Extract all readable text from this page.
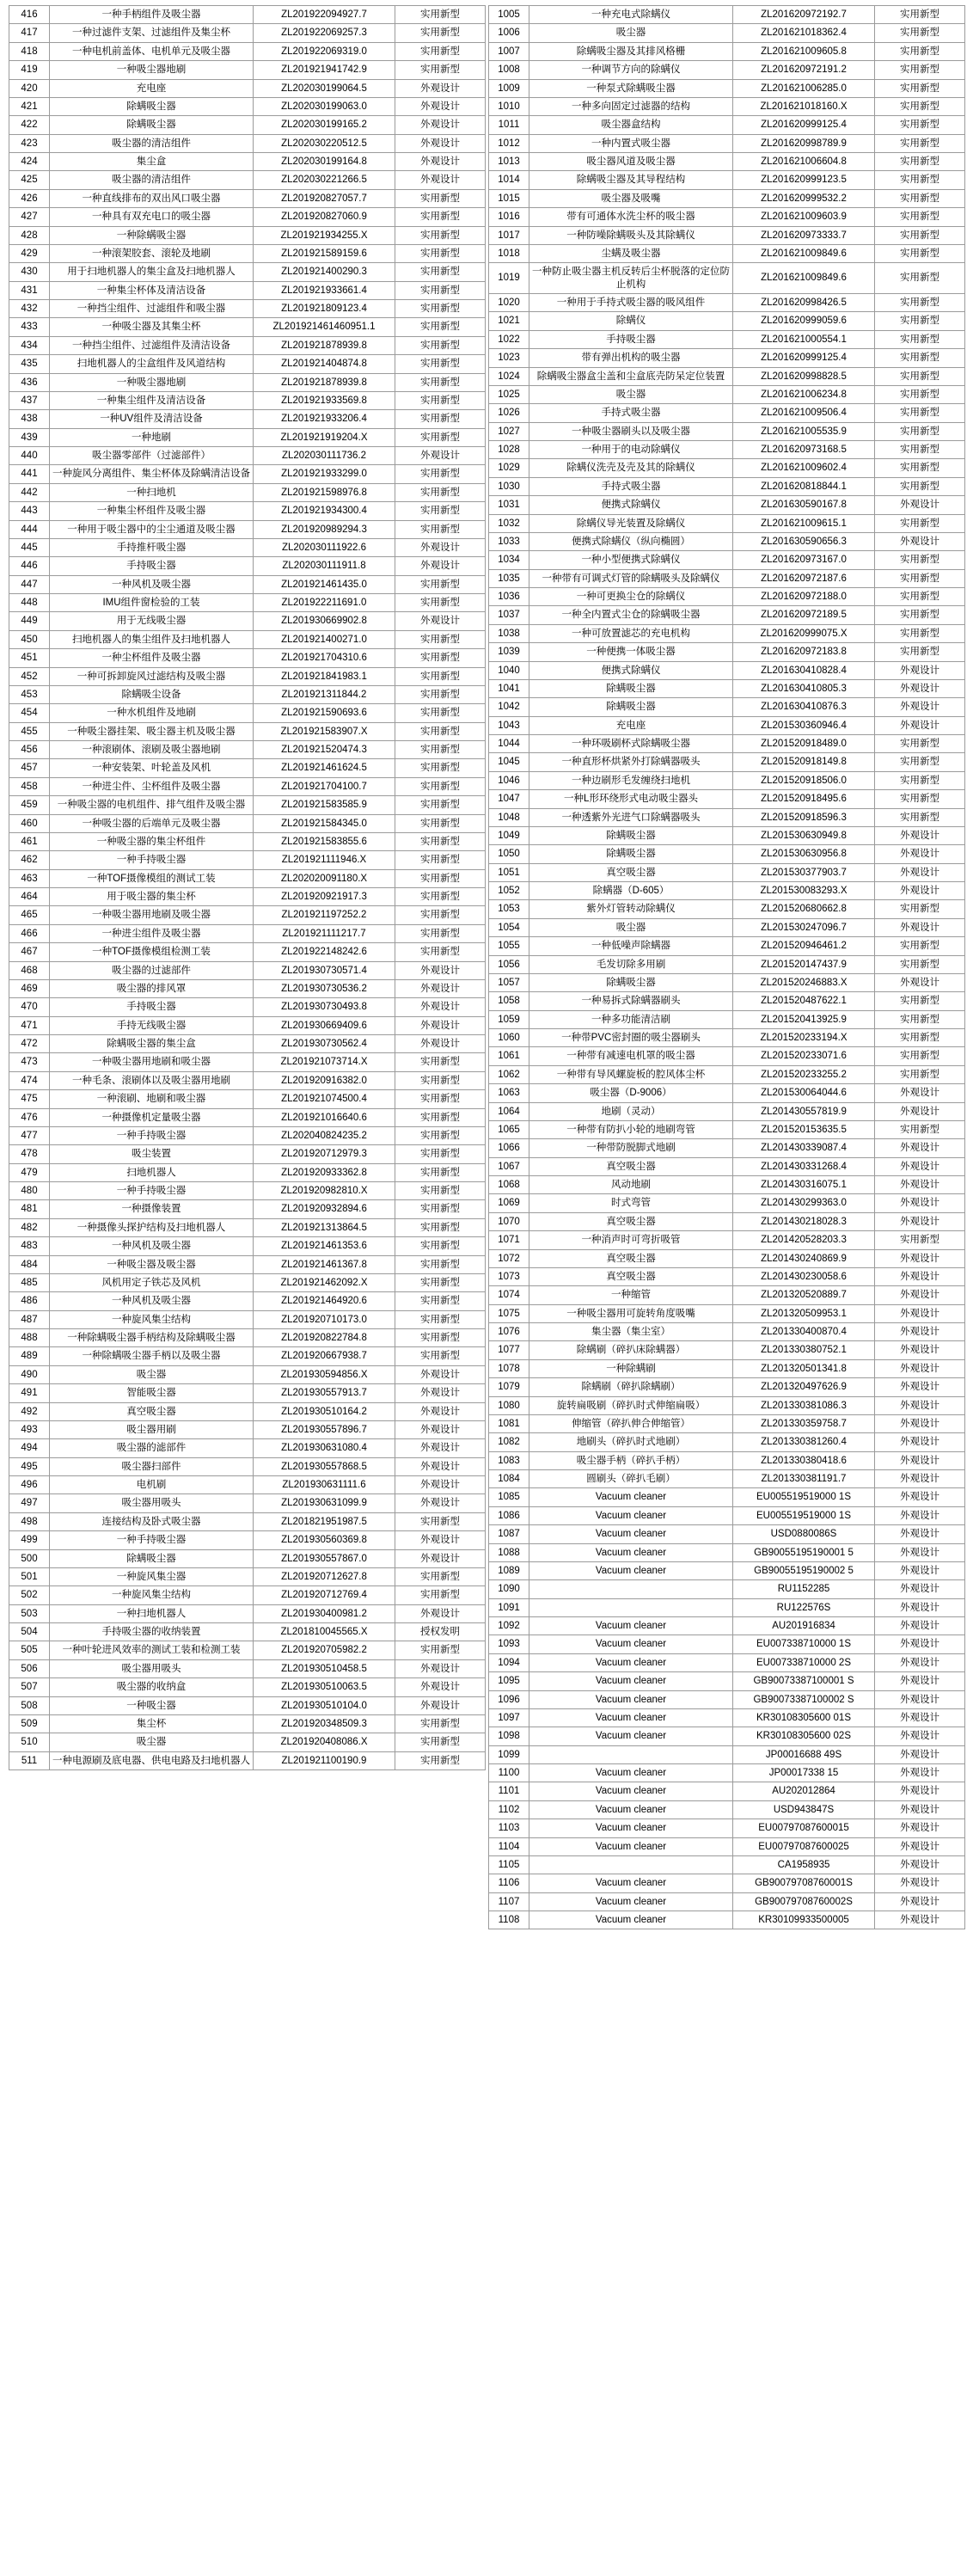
416	一种手柄组件及吸尘器	ZL201922094927.7	实用新型
417	一种过滤件支架、过滤组件及集尘杯	ZL201922069257.3	实用新型
418	一种电机前盖体、电机单元及吸尘器	ZL201922069319.0	实用新型
419	一种吸尘器地刷	ZL201921941742.9	实用新型
420	充电座	ZL202030199064.5	外观设计
421	除螨吸尘器	ZL202030199063.0	外观设计
422	除螨吸尘器	ZL202030199165.2	外观设计
423	吸尘器的清洁组件	ZL202030220512.5	外观设计
424	集尘盒	ZL202030199164.8	外观设计
425	吸尘器的清洁组件	ZL202030221266.5	外观设计
426	一种直线排布的双出风口吸尘器	ZL201920827057.7	实用新型
427	一种具有双充电口的吸尘器	ZL201920827060.9	实用新型
428	一种除螨吸尘器	ZL201921934255.X	实用新型
429	一种滚架胶套、滚轮及地刷	ZL201921589159.6	实用新型
430	用于扫地机器人的集尘盒及扫地机器人	ZL201921400290.3	实用新型
431	一种集尘杯体及清洁设备	ZL201921933661.4	实用新型
432	一种挡尘组件、过滤组件和吸尘器	ZL201921809123.4	实用新型
433	一种吸尘器及其集尘杯	ZL201921461460951.1	实用新型
434	一种挡尘组件、过滤组件及清洁设备	ZL201921878939.8	实用新型
435	扫地机器人的尘盒组件及风道结构	ZL201921404874.8	实用新型
436	一种吸尘器地刷	ZL201921878939.8	实用新型
437	一种集尘组件及清洁设备	ZL201921933569.8	实用新型
438	一种UV组件及清洁设备	ZL201921933206.4	实用新型
439	一种地刷	ZL201921919204.X	实用新型
440	吸尘器零部件（过滤部件）	ZL202030111736.2	外观设计
441	一种旋风分离组件、集尘杯体及除螨清洁设备	ZL201921933299.0	实用新型
442	一种扫地机	ZL201921598976.8	实用新型
443	一种集尘杯组件及吸尘器	ZL201921934300.4	实用新型
444	一种用于吸尘器中的尘尘通道及吸尘器	ZL201920989294.3	实用新型
445	手持推杆吸尘器	ZL202030111922.6	外观设计
446	手持吸尘器	ZL202030111911.8	外观设计
447	一种风机及吸尘器	ZL201921461435.0	实用新型
448	IMU组件窗检验的工装	ZL201922211691.0	实用新型
449	用于无线吸尘器	ZL201930669902.8	外观设计
450	扫地机器人的集尘组件及扫地机器人	ZL201921400271.0	实用新型
451	一种尘杯组件及吸尘器	ZL201921704310.6	实用新型
452	一种可拆卸旋风过滤结构及吸尘器	ZL201921841983.1	实用新型
453	除螨吸尘设备	ZL201921311844.2	实用新型
454	一种水机组件及地刷	ZL201921590693.6	实用新型
455	一种吸尘器挂架、吸尘器主机及吸尘器	ZL201921583907.X	实用新型
456	一种滚刷体、滚刷及吸尘器地刷	ZL201921520474.3	实用新型
457	一种安装架、叶轮盖及风机	ZL201921461624.5	实用新型
458	一种进尘件、尘杯组件及吸尘器	ZL201921704100.7	实用新型
459	一种吸尘器的电机组件、排气组件及吸尘器	ZL201921583585.9	实用新型
460	一种吸尘器的后端单元及吸尘器	ZL201921584345.0	实用新型
461	一种吸尘器的集尘杯组件	ZL201921583855.6	实用新型
462	一种手持吸尘器	ZL201921111946.X	实用新型
463	一种TOF摄像模组的测试工装	ZL202020091180.X	实用新型
464	用于吸尘器的集尘杯	ZL201920921917.3	实用新型
465	一种吸尘器用地刷及吸尘器	ZL201921197252.2	实用新型
466	一种进尘组件及吸尘器	ZL201921111217.7	实用新型
467	一种TOF摄像模组检测工装	ZL201922148242.6	实用新型
468	吸尘器的过滤部件	ZL201930730571.4	外观设计
469	吸尘器的排风罩	ZL201930730536.2	外观设计
470	手持吸尘器	ZL201930730493.8	外观设计
471	手持无线吸尘器	ZL201930669409.6	外观设计
472	除螨吸尘器的集尘盒	ZL201930730562.4	外观设计
473	一种吸尘器用地刷和吸尘器	ZL201921073714.X	实用新型
474	一种毛条、滚刷体以及吸尘器用地刷	ZL201920916382.0	实用新型
475	一种滚刷、地刷和吸尘器	ZL201921074500.4	实用新型
476	一种摄像机定量吸尘器	ZL201921016640.6	实用新型
477	一种手持吸尘器	ZL202040824235.2	实用新型
478	吸尘装置	ZL201920712979.3	实用新型
479	扫地机器人	ZL201920933362.8	实用新型
480	一种手持吸尘器	ZL201920982810.X	实用新型
481	一种摄像装置	ZL201920932894.6	实用新型
482	一种摄像头探护结构及扫地机器人	ZL201921313864.5	实用新型
483	一种风机及吸尘器	ZL201921461353.6	实用新型
484	一种吸尘器及吸尘器	ZL201921461367.8	实用新型
485	风机用定子铁芯及风机	ZL201921462092.X	实用新型
486	一种风机及吸尘器	ZL201921464920.6	实用新型
487	一种旋风集尘结构	ZL201920710173.0	实用新型
488	一种除螨吸尘器手柄结构及除螨吸尘器	ZL201920822784.8	实用新型
489	一种除螨吸尘器手柄以及吸尘器	ZL201920667938.7	实用新型
490	吸尘器	ZL201930594856.X	外观设计
491	智能吸尘器	ZL201930557913.7	外观设计
492	真空吸尘器	ZL201930510164.2	外观设计
493	吸尘器用刷	ZL201930557896.7	外观设计
494	吸尘器的滤部件	ZL201930631080.4	外观设计
495	吸尘器扫部件	ZL201930557868.5	外观设计
496	电机刷	ZL201930631111.6	外观设计
497	吸尘器用吸头	ZL201930631099.9	外观设计
498	连接结构及卧式吸尘器	ZL201821951987.5	实用新型
499	一种手持吸尘器	ZL201930560369.8	外观设计
500	除螨吸尘器	ZL201930557867.0	外观设计
501	一种旋风集尘器	ZL201920712627.8	实用新型
502	一种旋风集尘结构	ZL201920712769.4	实用新型
503	一种扫地机器人	ZL201930400981.2	外观设计
504	手持吸尘器的收纳装置	ZL201810045565.X	授权发明
505	一种叶轮进风效率的测试工装和检测工装	ZL201920705982.2	实用新型
506	吸尘器用吸头	ZL201930510458.5	外观设计
507	吸尘器的收纳盒	ZL201930510063.5	外观设计
508	一种吸尘器	ZL201930510104.0	外观设计
509	集尘杯	ZL201920348509.3	实用新型
510	吸尘器	ZL201920408086.X	实用新型
511	一种电源刷及底电器、供电电路及扫地机器人	ZL201921100190.9	实用新型
1005	一种充电式除螨仪	ZL201620972192.7	实用新型
1006	吸尘器	ZL201621018362.4	实用新型
1007	除螨吸尘器及其排风格栅	ZL201621009605.8	实用新型
1008	一种调节方向的除螨仪	ZL201620972191.2	实用新型
1009	一种泵式除螨吸尘器	ZL201621006285.0	实用新型
1010	一种多向固定过滤器的结构	ZL201621018160.X	实用新型
1011	吸尘器盒结构	ZL201620999125.4	实用新型
1012	一种内置式吸尘器	ZL201620998789.9	实用新型
1013	吸尘器风道及吸尘器	ZL201621006604.8	实用新型
1014	除螨吸尘器及其导程结构	ZL201620999123.5	实用新型
1015	吸尘器及吸嘴	ZL201620999532.2	实用新型
1016	带有可通体水洗尘杯的吸尘器	ZL201621009603.9	实用新型
1017	一种防噪除螨吸头及其除螨仪	ZL201620973333.7	实用新型
1018	尘螨及吸尘器	ZL201621009849.6	实用新型
1019	一种防止吸尘器主机反转后尘杯脱落的定位防止机构	ZL201621009849.6	实用新型
1020	一种用于手持式吸尘器的吸风组件	ZL201620998426.5	实用新型
1021	除螨仪	ZL201620999059.6	实用新型
1022	手持吸尘器	ZL201621000554.1	实用新型
1023	带有弹出机构的吸尘器	ZL201620999125.4	实用新型
1024	除螨吸尘器盒尘盖和尘盒底壳防呆定位装置	ZL201620998828.5	实用新型
1025	吸尘器	ZL201621006234.8	实用新型
1026	手持式吸尘器	ZL201621009506.4	实用新型
1027	一种吸尘器刷头以及吸尘器	ZL201621005535.9	实用新型
1028	一种用于的电动除螨仪	ZL201620973168.5	实用新型
1029	除螨仪洗壳及壳及其的除螨仪	ZL201621009602.4	实用新型
1030	手持式吸尘器	ZL201620818844.1	实用新型
1031	便携式除螨仪	ZL201630590167.8	外观设计
1032	除螨仪导光装置及除螨仪	ZL201621009615.1	实用新型
1033	便携式除螨仪（纵向椭圆）	ZL201630590656.3	外观设计
1034	一种小型便携式除螨仪	ZL201620973167.0	实用新型
1035	一种带有可调式灯管的除螨吸头及除螨仪	ZL201620972187.6	实用新型
1036	一种可更换尘仓的除螨仪	ZL201620972188.0	实用新型
1037	一种全内置式尘仓的除螨吸尘器	ZL201620972189.5	实用新型
1038	一种可放置滤芯的充电机构	ZL201620999075.X	实用新型
1039	一种便携一体吸尘器	ZL201620972183.8	实用新型
1040	便携式除螨仪	ZL201630410828.4	外观设计
1041	除螨吸尘器	ZL201630410805.3	外观设计
1042	除螨吸尘器	ZL201630410876.3	外观设计
1043	充电座	ZL201530360946.4	外观设计
1044	一种环吸刷杯式除螨吸尘器	ZL201520918489.0	实用新型
1045	一种直形杯烘紧外打除螨器吸头	ZL201520918149.8	实用新型
1046	一种边刷形毛发缠绕扫地机	ZL201520918506.0	实用新型
1047	一种L形环绕形式电动吸尘器头	ZL201520918495.6	实用新型
1048	一种透紫外光进气口除螨器吸头	ZL201520918596.3	实用新型
1049	除螨吸尘器	ZL201530630949.8	外观设计
1050	除螨吸尘器	ZL201530630956.8	外观设计
1051	真空吸尘器	ZL201530377903.7	外观设计
1052	除螨器（D-605）	ZL201530083293.X	外观设计
1053	紫外灯管转动除螨仪	ZL201520680662.8	实用新型
1054	吸尘器	ZL201530247096.7	外观设计
1055	一种低噪声除螨器	ZL201520946461.2	实用新型
1056	毛发切除多用刷	ZL201520147437.9	实用新型
1057	除螨吸尘器	ZL201520246883.X	外观设计
1058	一种易拆式除螨器刷头	ZL201520487622.1	实用新型
1059	一种多功能清洁刷	ZL201520413925.9	实用新型
1060	一种带PVC密封圈的吸尘器刷头	ZL201520233194.X	实用新型
1061	一种带有减速电机罩的吸尘器	ZL201520233071.6	实用新型
1062	一种带有导风螺旋板的腔风体尘杯	ZL201520233255.2	实用新型
1063	吸尘器（D-9006）	ZL201530064044.6	外观设计
1064	地刷（灵动）	ZL201430557819.9	外观设计
1065	一种带有防扒小轮的地刷弯管	ZL201520153635.5	实用新型
1066	一种带防脱脚式地刷	ZL201430339087.4	外观设计
1067	真空吸尘器	ZL201430331268.4	外观设计
1068	风动地刷	ZL201430316075.1	外观设计
1069	时式弯管	ZL201430299363.0	外观设计
1070	真空吸尘器	ZL201430218028.3	外观设计
1071	一种消声时可弯折吸管	ZL201420528203.3	实用新型
1072	真空吸尘器	ZL201430240869.9	外观设计
1073	真空吸尘器	ZL201430230058.6	外观设计
1074	一种缩管	ZL201320520889.7	外观设计
1075	一种吸尘器用可旋转角度吸嘴	ZL201320509953.1	外观设计
1076	集尘器（集尘室）	ZL201330400870.4	外观设计
1077	除螨刷（碎扒床除螨器）	ZL201330380752.1	外观设计
1078	一种除螨刷	ZL201320501341.8	外观设计
1079	除螨刷（碎扒除螨刷）	ZL201320497626.9	外观设计
1080	旋转扁吸刷（碎扒时式伸缩扁吸）	ZL201330381086.3	外观设计
1081	伸缩管（碎扒伸合伸缩管）	ZL201330359758.7	外观设计
1082	地刷头（碎扒时式地刷）	ZL201330381260.4	外观设计
1083	吸尘器手柄（碎扒手柄）	ZL201330380418.6	外观设计
1084	圆刷头（碎扒毛刷）	ZL201330381191.7	外观设计
1085	Vacuum cleaner	EU005519519000 1S	外观设计
1086	Vacuum cleaner	EU005519519000 1S	外观设计
1087	Vacuum cleaner	USD0880086S	外观设计
1088	Vacuum cleaner	GB90055195190001 5	外观设计
1089	Vacuum cleaner	GB90055195190002 5	外观设计
1090		RU1152285	外观设计
1091		RU122576S	外观设计
1092	Vacuum cleaner	AU201916834	外观设计
1093	Vacuum cleaner	EU007338710000 1S	外观设计
1094	Vacuum cleaner	EU007338710000 2S	外观设计
1095	Vacuum cleaner	GB90073387100001 S	外观设计
1096	Vacuum cleaner	GB90073387100002 S	外观设计
1097	Vacuum cleaner	KR30108305600 01S	外观设计
1098	Vacuum cleaner	KR30108305600 02S	外观设计
1099		JP00016688 49S	外观设计
1100	Vacuum cleaner	JP00017338 15	外观设计
1101	Vacuum cleaner	AU202012864	外观设计
1102	Vacuum cleaner	USD943847S	外观设计
1103	Vacuum cleaner	EU00797087600015	外观设计
1104	Vacuum cleaner	EU00797087600025	外观设计
1105		CA1958935	外观设计
1106	Vacuum cleaner	GB90079708760001S	外观设计
1107	Vacuum cleaner	GB90079708760002S	外观设计
1108	Vacuum cleaner	KR30109933500005	外观设计
